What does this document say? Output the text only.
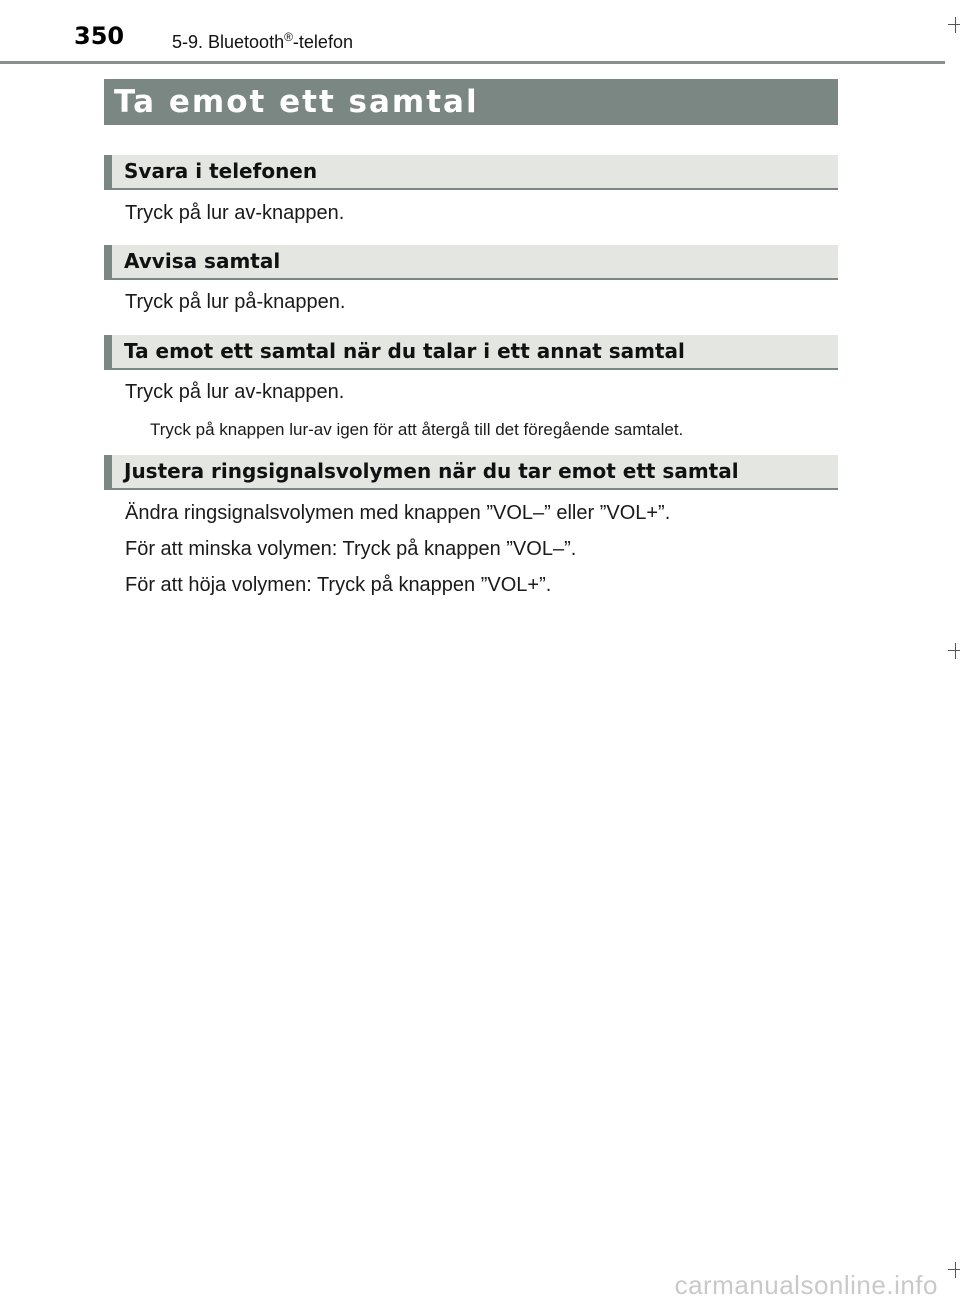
350	5-9. Bluetooth®-telefon
Ta emot ett samtal
Svara i telefonen
Tryck på lur av-knappen.
Avvisa samtal
Tryck på lur på-knappen.
Ta emot ett samtal när du talar i ett annat samtal
Tryck på lur av-knappen.
Tryck på knappen lur-av igen för att återgå till det föregående samtalet.
Justera ringsignalsvolymen när du tar emot ett samtal
Ändra ringsignalsvolymen med knappen ”VOL–” eller ”VOL+”.
För att minska volymen: Tryck på knappen ”VOL–”.
För att höja volymen: Tryck på knappen ”VOL+”.
carmanualsonline.info
